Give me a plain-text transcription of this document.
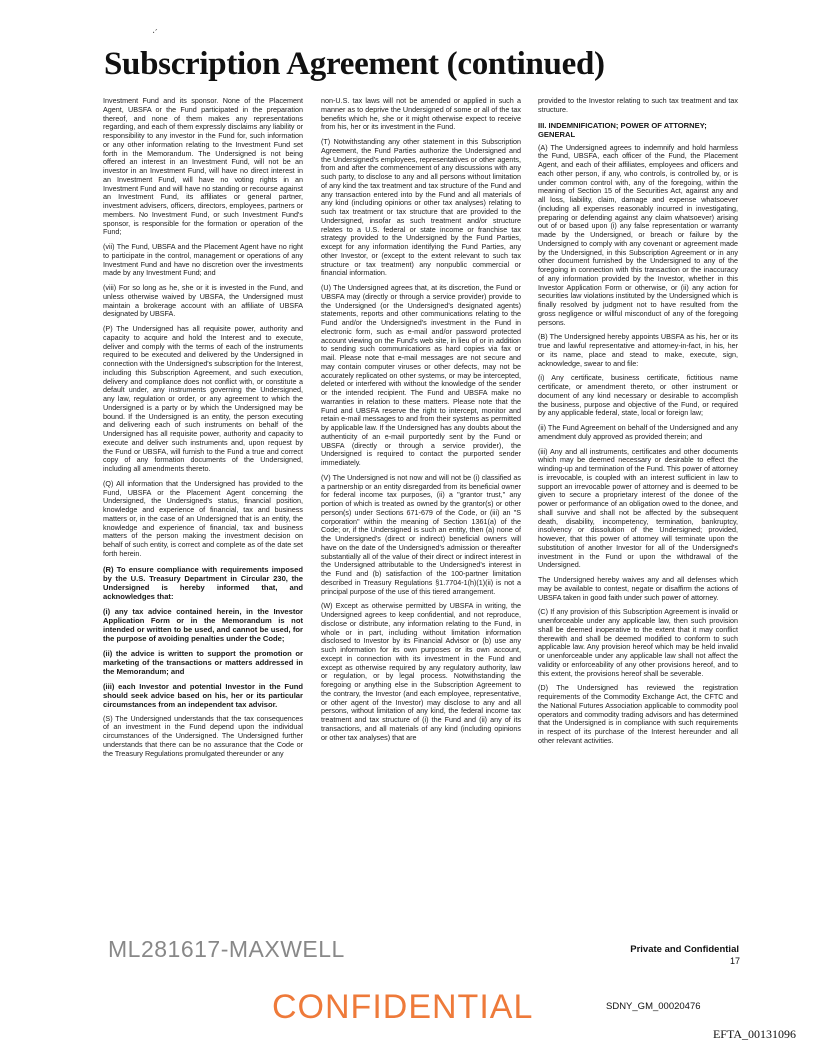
·′
Subscription Agreement (continued)

Investment Fund and its sponsor. None of the Placement Agent, UBSFA or the Fund participated in the preparation thereof, and none of them makes any representations regarding, and each of them expressly disclaims any liability or responsibility to any investor in the Fund for, such information or any other information relating to the Investment Fund set forth in the Memorandum. The Undersigned is not being offered an interest in an Investment Fund, will not be an investor in an Investment Fund, will have no direct interest in an Investment Fund, will have no voting rights in an Investment Fund and will have no standing or recourse against an Investment Fund, its affiliates or general partner, investment advisers, officers, directors, employees, partners or members. No Investment Fund, or such Investment Fund's sponsor, is responsible for the formation or operation of the Fund;

(vii) The Fund, UBSFA and the Placement Agent have no right to participate in the control, management or operations of any Investment Fund and have no discretion over the investments made by any Investment Fund; and

(viii) For so long as he, she or it is invested in the Fund, and unless otherwise waived by UBSFA, the Undersigned must maintain a brokerage account with an affiliate of UBSFA designated by UBSFA.

(P) The Undersigned has all requisite power, authority and capacity to acquire and hold the Interest and to execute, deliver and comply with the terms of each of the instruments required to be executed and delivered by the Undersigned in connection with the Undersigned's subscription for the Interest, including this Subscription Agreement, and such execution, delivery and compliance does not conflict with, or constitute a default under, any instruments governing the Undersigned, any law, regulation or order, or any agreement to which the Undersigned is a party or by which the Undersigned may be bound. If the Undersigned is an entity, the person executing and delivering each of such instruments on behalf of the Undersigned has all requisite power, authority and capacity to execute and deliver such instruments and, upon request by the Fund or UBSFA, will furnish to the Fund a true and correct copy of any formation documents of the Undersigned, including all amendments thereto.

(Q) All information that the Undersigned has provided to the Fund, UBSFA or the Placement Agent concerning the Undersigned, the Undersigned's status, financial position, knowledge and experience of financial, tax and business matters or, in the case of an Undersigned that is an entity, the knowledge and experience of financial, tax and business matters of the person making the investment decision on behalf of such entity, is correct and complete as of the date set forth herein.

(R) To ensure compliance with requirements imposed by the U.S. Treasury Department in Circular 230, the Undersigned is hereby informed that, and acknowledges that:

(i) any tax advice contained herein, in the Investor Application Form or in the Memorandum is not intended or written to be used, and cannot be used, for the purpose of avoiding penalties under the Code;

(ii) the advice is written to support the promotion or marketing of the transactions or matters addressed in the Memorandum; and

(iii) each Investor and potential Investor in the Fund should seek advice based on his, her or its particular circumstances from an independent tax advisor.

(S) The Undersigned understands that the tax consequences of an investment in the Fund depend upon the individual circumstances of the Undersigned. The Undersigned further understands that there can be no assurance that the Code or the Treasury Regulations promulgated thereunder or any

non-U.S. tax laws will not be amended or applied in such a manner as to deprive the Undersigned of some or all of the tax benefits which he, she or it might otherwise expect to receive from his, her or its investment in the Fund.

(T) Notwithstanding any other statement in this Subscription Agreement, the Fund Parties authorize the Undersigned and the Undersigned's employees, representatives or other agents, from and after the commencement of any discussions with any such party, to disclose to any and all persons without limitation of any kind the tax treatment and tax structure of the Fund and any transaction entered into by the Fund and all materials of any kind (including opinions or other tax analyses) relating to such tax treatment or tax structure that are provided to the Undersigned, insofar as such treatment and/or structure relates to a U.S. federal or state income or franchise tax strategy provided to the Undersigned by the Fund Parties, except for any information identifying the Fund Parties, any other Investor, or (except to the extent relevant to such tax structure or tax treatment) any nonpublic commercial or financial information.

(U) The Undersigned agrees that, at its discretion, the Fund or UBSFA may (directly or through a service provider) provide to the Undersigned (or the Undersigned's designated agents) statements, reports and other communications relating to the Fund and/or the Undersigned's investment in the Fund in electronic form, such as e-mail and/or password protected account viewing on the Fund's web site, in lieu of or in addition to sending such communications as hard copies via fax or mail. Please note that e-mail messages are not secure and may contain computer viruses or other defects, may not be accurately replicated on other systems, or may be intercepted, deleted or interfered with without the knowledge of the sender or the intended recipient. The Fund and UBSFA make no warranties in relation to these matters. Please note that the Fund and UBSFA reserve the right to intercept, monitor and retain e-mail messages to and from their systems as permitted by applicable law. If the Undersigned has any doubts about the authenticity of an e-mail purportedly sent by the Fund or UBSFA (directly or through a service provider), the Undersigned is required to contact the purported sender immediately.

(V) The Undersigned is not now and will not be (i) classified as a partnership or an entity disregarded from its beneficial owner for federal income tax purposes, (ii) a "grantor trust," any portion of which is treated as owned by the grantor(s) or other person(s) under Sections 671-679 of the Code, or (iii) an "S corporation" within the meaning of Section 1361(a) of the Code; or, if the Undersigned is such an entity, then (a) none of the Undersigned's (direct or indirect) beneficial owners will have on the date of the Undersigned's admission or thereafter substantially all of the value of their direct or indirect interest in the Undersigned attributable to the Undersigned's interest in the Fund and (b) satisfaction of the 100-partner limitation described in Treasury Regulations §1.7704-1(h)(1)(ii) is not a principal purpose of the use of this tiered arrangement.

(W) Except as otherwise permitted by UBSFA in writing, the Undersigned agrees to keep confidential, and not reproduce, disclose or distribute, any information relating to the Fund, in whole or in part, including without limitation information disclosed to Investor by its Financial Advisor or (b) use any such information for its own purposes or its own account, except in connection with its investment in the Fund and except as otherwise required by any regulatory authority, law or regulation, or by legal process. Notwithstanding the foregoing or anything else in the Subscription Agreement to the contrary, the Investor (and each employee, representative, or other agent of the Investor) may disclose to any and all persons, without limitation of any kind, the federal income tax treatment and tax structure of (i) the Fund and (ii) any of its transactions, and all materials of any kind (including opinions or other tax analyses) that are

provided to the Investor relating to such tax treatment and tax structure.

III. INDEMNIFICATION; POWER OF ATTORNEY; GENERAL

(A) The Undersigned agrees to indemnify and hold harmless the Fund, UBSFA, each officer of the Fund, the Placement Agent, and each of their affiliates, employees and officers and each other person, if any, who controls, is controlled by, or is under common control with, any of the foregoing, within the meaning of Section 15 of the Securities Act, against any and all loss, liability, claim, damage and expense whatsoever (including all expenses reasonably incurred in investigating, preparing or defending against any claim whatsoever) arising out of or based upon (i) any false representation or warranty made by the Undersigned, or breach or failure by the Undersigned to comply with any covenant or agreement made by the Undersigned, in this Subscription Agreement or in any other document furnished by the Undersigned to any of the foregoing in connection with this transaction or the inaccuracy of any information provided by the Investor, whether in this Investor Application Form or otherwise, or (ii) any action for securities law violations instituted by the Undersigned which is finally resolved by judgment not to have resulted from the gross negligence or willful misconduct of any of the foregoing persons.

(B) The Undersigned hereby appoints UBSFA as his, her or its true and lawful representative and attorney-in-fact, in his, her or its name, place and stead to make, execute, sign, acknowledge, swear to and file:

(i) Any certificate, business certificate, fictitious name certificate, or amendment thereto, or other instrument or document of any kind necessary or desirable to accomplish the business, purpose and objective of the Fund, or required by any applicable federal, state, local or foreign law;

(ii) The Fund Agreement on behalf of the Undersigned and any amendment duly approved as provided therein; and

(iii) Any and all instruments, certificates and other documents which may be deemed necessary or desirable to effect the winding-up and termination of the Fund. This power of attorney is irrevocable, is coupled with an interest sufficient in law to support an irrevocable power of attorney and is deemed to be given to secure a proprietary interest of the donee of the power or performance of an obligation owed to the donee, and shall survive and shall not be affected by the subsequent death, disability, incompetency, termination, bankruptcy, insolvency or dissolution of the Undersigned; provided, however, that this power of attorney will terminate upon the substitution of another Investor for all of the Undersigned's investment in the Fund or upon the withdrawal of the Undersigned.

The Undersigned hereby waives any and all defenses which may be available to contest, negate or disaffirm the actions of UBSFA taken in good faith under such power of attorney.

(C) If any provision of this Subscription Agreement is invalid or unenforceable under any applicable law, then such provision shall be deemed inoperative to the extent that it may conflict therewith and shall be deemed modified to conform to such applicable law. Any provision hereof which may be held invalid or unenforceable under any applicable law shall not affect the validity or enforceability of any other provisions hereof, and to this extent, the provisions hereof shall be severable.

(D) The Undersigned has reviewed the registration requirements of the Commodity Exchange Act, the CFTC and the National Futures Association applicable to commodity pool operators and commodity trading advisors and has determined that the Undersigned is in compliance with such requirements in respect of its purchase of the Interest hereunder and all other relevant activities.

Private and Confidential
17
ML281617-MAXWELL
CONFIDENTIAL	SDNY_GM_00020476
EFTA_00131096
